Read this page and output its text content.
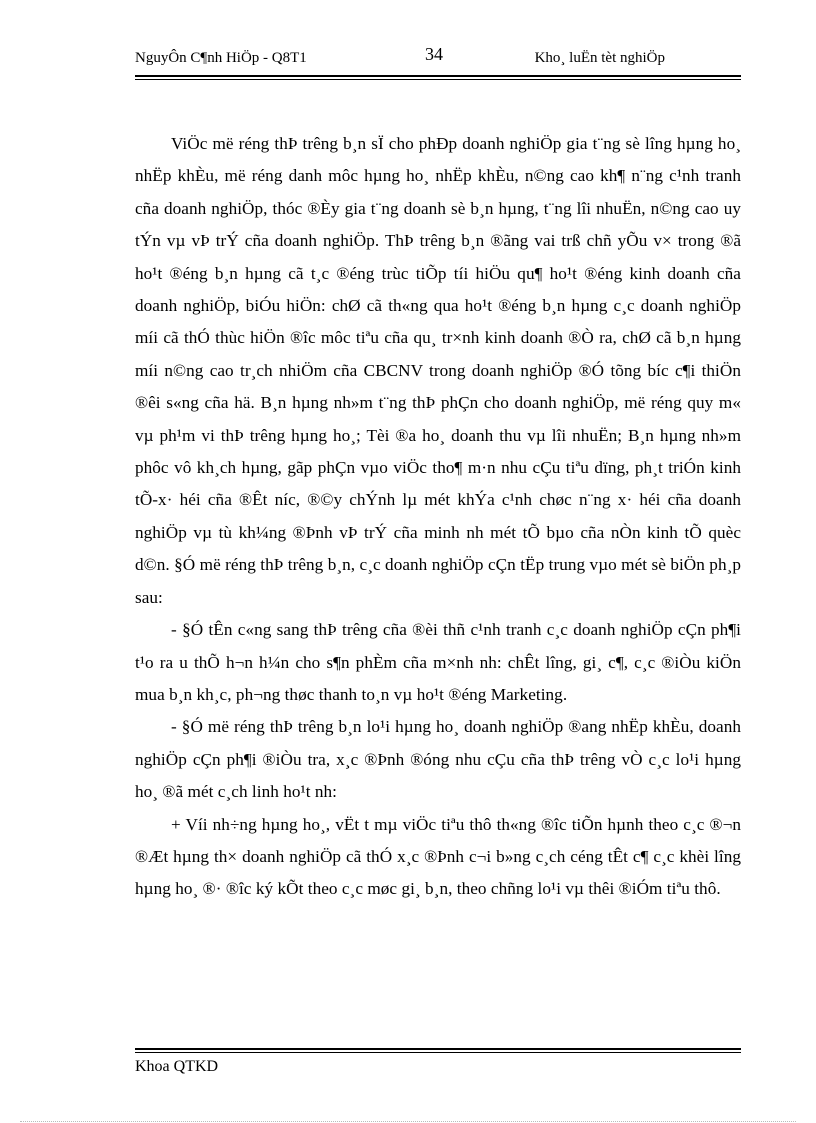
NguyÔn C¶nh HiÖp - Q8T1	34	Kho¸ luËn tèt nghiÖp

ViÖc më réng thÞ trêng b¸n sÏ cho phÐp doanh nghiÖp gia t¨ng sè lîng hµng ho¸ nhËp khÈu, më réng danh môc hµng ho¸ nhËp khÈu, n©ng cao kh¶ n¨ng c¹nh tranh cña doanh nghiÖp, thóc ®Èy gia t¨ng doanh sè b¸n hµng, t¨ng lîi nhuËn, n©ng cao uy tÝn vµ vÞ trÝ cña doanh nghiÖp. ThÞ trêng b¸n ®ãng vai trß chñ yÕu v× trong ®ã ho¹t ®éng b¸n hµng cã t¸c ®éng trùc tiÕp tíi hiÖu qu¶ ho¹t ®éng kinh doanh cña doanh nghiÖp, biÓu hiÖn: chØ cã th«ng qua ho¹t ®éng b¸n hµng c¸c doanh nghiÖp míi cã thÓ thùc hiÖn ®îc môc tiªu cña qu¸ tr×nh kinh doanh ®Ò ra, chØ cã b¸n hµng míi n©ng cao tr¸ch nhiÖm cña CBCNV trong doanh nghiÖp ®Ó tõng bíc c¶i thiÖn ®êi s«ng cña hä. B¸n hµng nh»m t¨ng thÞ phÇn cho doanh nghiÖp, më réng quy m« vµ ph¹m vi thÞ trêng hµng ho¸; Tèi ®a ho¸ doanh thu vµ lîi nhuËn; B¸n hµng nh»m phôc vô kh¸ch hµng, gãp phÇn vµo viÖc tho¶ m·n nhu cÇu tiªu dïng, ph¸t triÓn kinh tÕ-x· héi cña ®Êt níc, ®©y chÝnh lµ mét khÝa c¹nh chøc n¨ng x· héi cña doanh nghiÖp vµ tù kh¼ng ®Þnh vÞ trÝ cña minh nh mét tÕ bµo cña nÒn kinh tÕ quèc d©n. §Ó më réng thÞ trêng b¸n, c¸c doanh nghiÖp cÇn tËp trung vµo mét sè biÖn ph¸p sau:

- §Ó tÊn c«ng sang thÞ trêng cña ®èi thñ c¹nh tranh c¸c doanh nghiÖp cÇn ph¶i t¹o ra u thÕ h¬n h¼n cho s¶n phÈm cña m×nh nh: chÊt lîng, gi¸ c¶, c¸c ®iÒu kiÖn mua b¸n kh¸c, ph¬ng thøc thanh to¸n vµ ho¹t ®éng Marketing.

- §Ó më réng thÞ trêng b¸n lo¹i hµng ho¸ doanh nghiÖp ®ang nhËp khÈu, doanh nghiÖp cÇn ph¶i ®iÒu tra, x¸c ®Þnh ®óng nhu cÇu cña thÞ trêng vÒ c¸c lo¹i hµng ho¸ ®ã mét c¸ch linh ho¹t nh:

+ Víi nh÷ng hµng ho¸, vËt t mµ viÖc tiªu thô th«ng ®îc tiÕn hµnh theo c¸c ®¬n ®Æt hµng th× doanh nghiÖp cã thÓ x¸c ®Þnh c¬i b»ng c¸ch céng tÊt c¶ c¸c khèi lîng hµng ho¸ ®· ®îc ký kÕt theo c¸c møc gi¸ b¸n, theo chñng lo¹i vµ thêi ®iÓm tiªu thô.

Khoa QTKD
